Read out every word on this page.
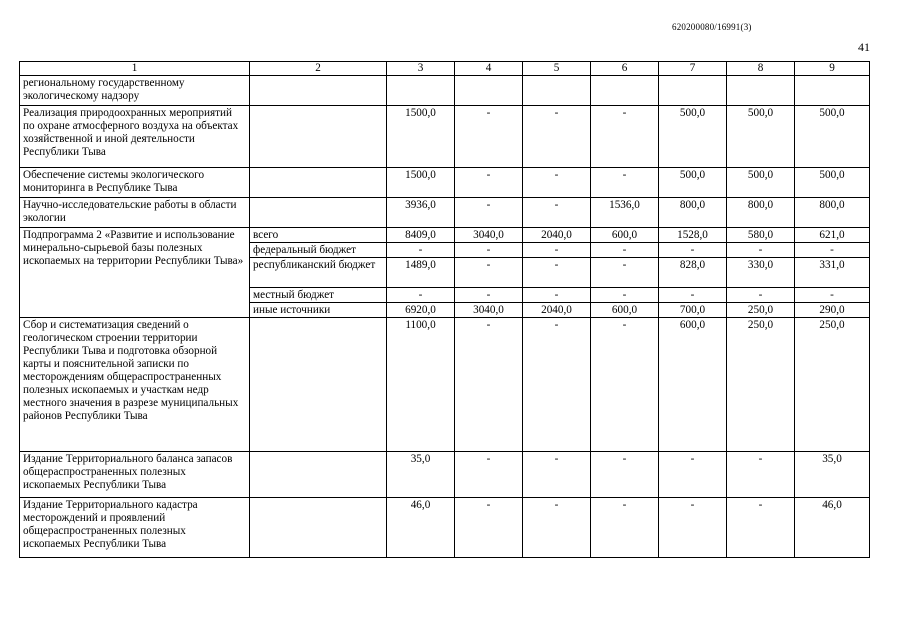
620200080/16991(3)
41
1	2	3	4	5	6	7	8	9
региональному государственному экологическому надзору								
Реализация природоохранных мероприятий по охране атмосферного воздуха на объектах хозяйственной и иной деятельности Республики Тыва		1500,0	-	-	-	500,0	500,0	500,0
Обеспечение системы экологического мониторинга в Республике Тыва		1500,0	-	-	-	500,0	500,0	500,0
Научно-исследовательские работы в области экологии		3936,0	-	-	1536,0	800,0	800,0	800,0
Подпрограмма 2 «Развитие и использование минерально-сырьевой базы полезных ископаемых на территории Республики Тыва»	всего	8409,0	3040,0	2040,0	600,0	1528,0	580,0	621,0
	федеральный бюджет	-	-	-	-	-	-	-
	республиканский бюджет	1489,0	-	-	-	828,0	330,0	331,0
	местный бюджет	-	-	-	-	-	-	-
	иные источники	6920,0	3040,0	2040,0	600,0	700,0	250,0	290,0
Сбор и систематизация сведений о геологическом строении территории Республики Тыва и подготовка обзорной карты и пояснительной записки по месторождениям общераспространенных полезных ископаемых и участкам недр местного значения в разрезе муниципальных районов Республики Тыва		1100,0	-	-	-	600,0	250,0	250,0
Издание Территориального баланса запасов общераспространенных полезных ископаемых Республики Тыва		35,0	-	-	-	-	-	35,0
Издание Территориального кадастра месторождений и проявлений общераспространенных полезных ископаемых Республики Тыва		46,0	-	-	-	-	-	46,0
